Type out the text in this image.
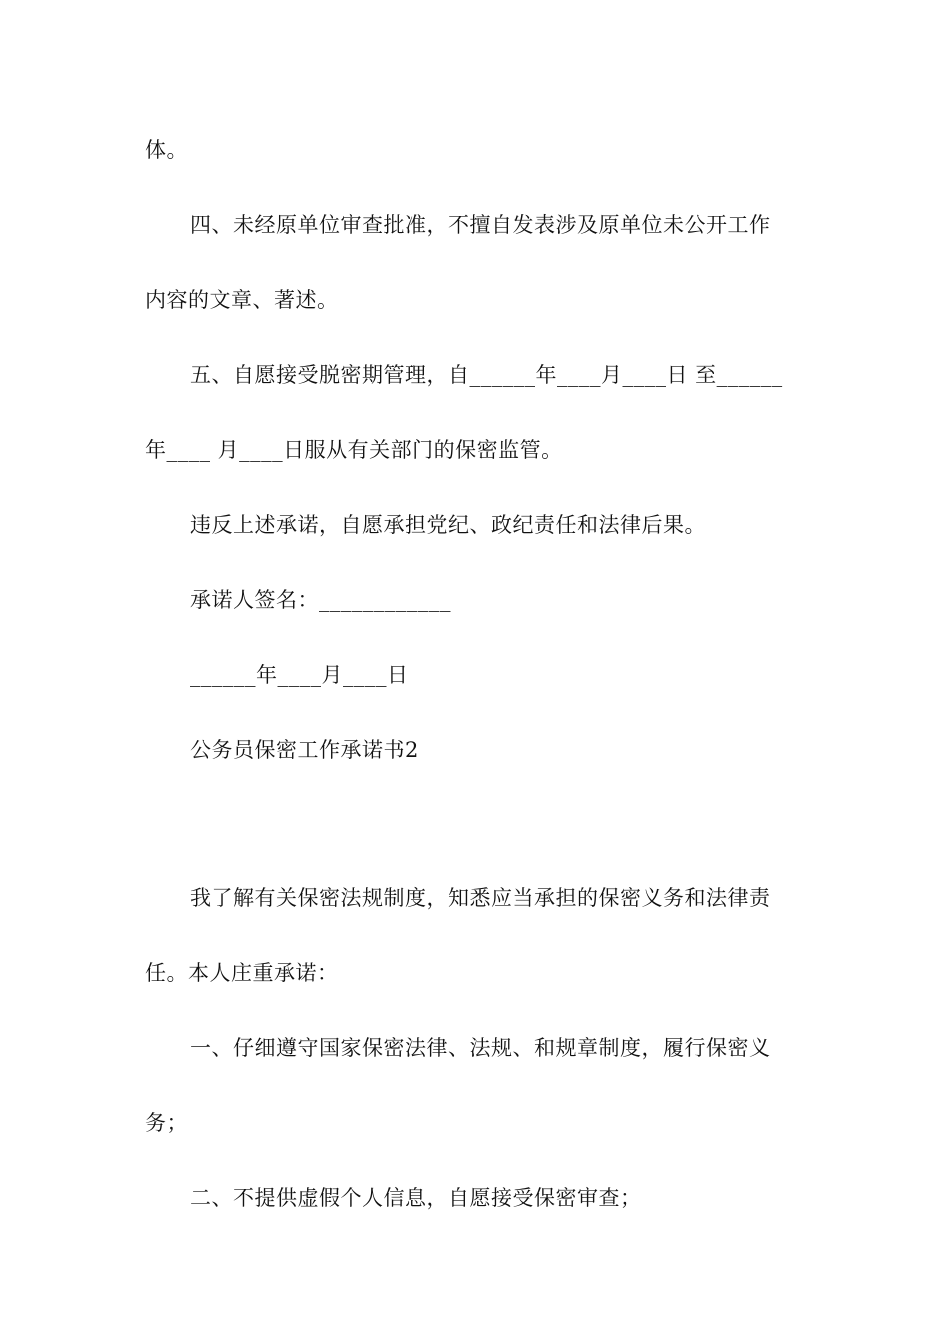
体。
四、未经原单位审查批准，不擅自发表涉及原单位未公开工作
内容的文章、著述。
五、自愿接受脱密期管理，自______年____月____日 至______
年____ 月____日服从有关部门的保密监管。
违反上述承诺，自愿承担党纪、政纪责任和法律后果。
承诺人签名：____________
______年____月____日
公务员保密工作承诺书2
我了解有关保密法规制度，知悉应当承担的保密义务和法律责
任。本人庄重承诺：
一、仔细遵守国家保密法律、法规、和规章制度，履行保密义
务；
二、不提供虚假个人信息，自愿接受保密审查；
